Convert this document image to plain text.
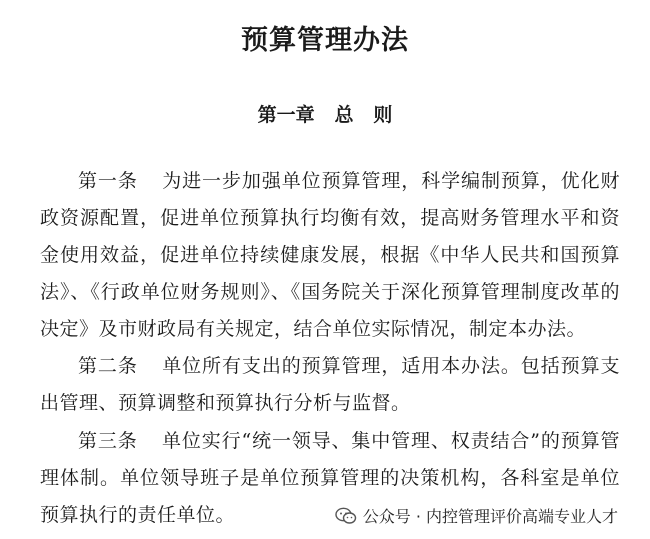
预算管理办法
第一章   总   则

第一条 为进一步加强单位预算管理，科学编制预算，优化财政资源配置，促进单位预算执行均衡有效，提高财务管理水平和资金使用效益，促进单位持续健康发展，根据《中华人民共和国预算法》、《行政单位财务规则》、《国务院关于深化预算管理制度改革的决定》及市财政局有关规定，结合单位实际情况，制定本办法。

第二条 单位所有支出的预算管理，适用本办法。包括预算支出管理、预算调整和预算执行分析与监督。

第三条 单位实行“统一领导、集中管理、权责结合”的预算管理体制。单位领导班子是单位预算管理的决策机构，各科室是单位预算执行的责任单位。	公众号 · 内控管理评价高端专业人才
